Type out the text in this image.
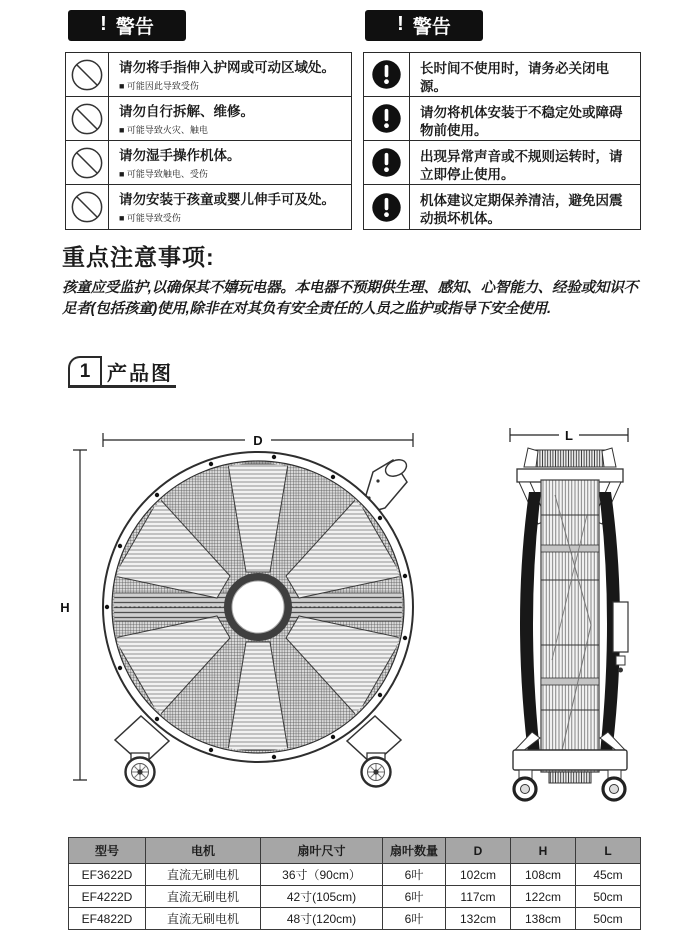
! 警告	! 警告
请勿将手指伸入护网或可动区域处。
■ 可能因此导致受伤
请勿自行拆解、维修。
■ 可能导致火灾、触电
请勿湿手操作机体。
■ 可能导致触电、受伤
请勿安装于孩童或婴儿伸手可及处。
■ 可能导致受伤
长时间不使用时，请务必关闭电源。
请勿将机体安装于不稳定处或障碍物前使用。
出现异常声音或不规则运转时，请立即停止使用。
机体建议定期保养清洁，避免因震动损坏机体。
重点注意事项:
孩童应受监护,以确保其不嬉玩电器。本电器不预期供生理、感知、心智能力、经验或知识不足者(包括孩童)使用,除非在对其负有安全责任的人员之监护或指导下安全使用.
1 产品图
D
H
L
型号	电机	扇叶尺寸	扇叶数量	D	H	L
EF3622D	直流无刷电机	36寸（90cm）	6叶	102cm	108cm	45cm
EF4222D	直流无刷电机	42寸(105cm)	6叶	117cm	122cm	50cm
EF4822D	直流无刷电机	48寸(120cm)	6叶	132cm	138cm	50cm
